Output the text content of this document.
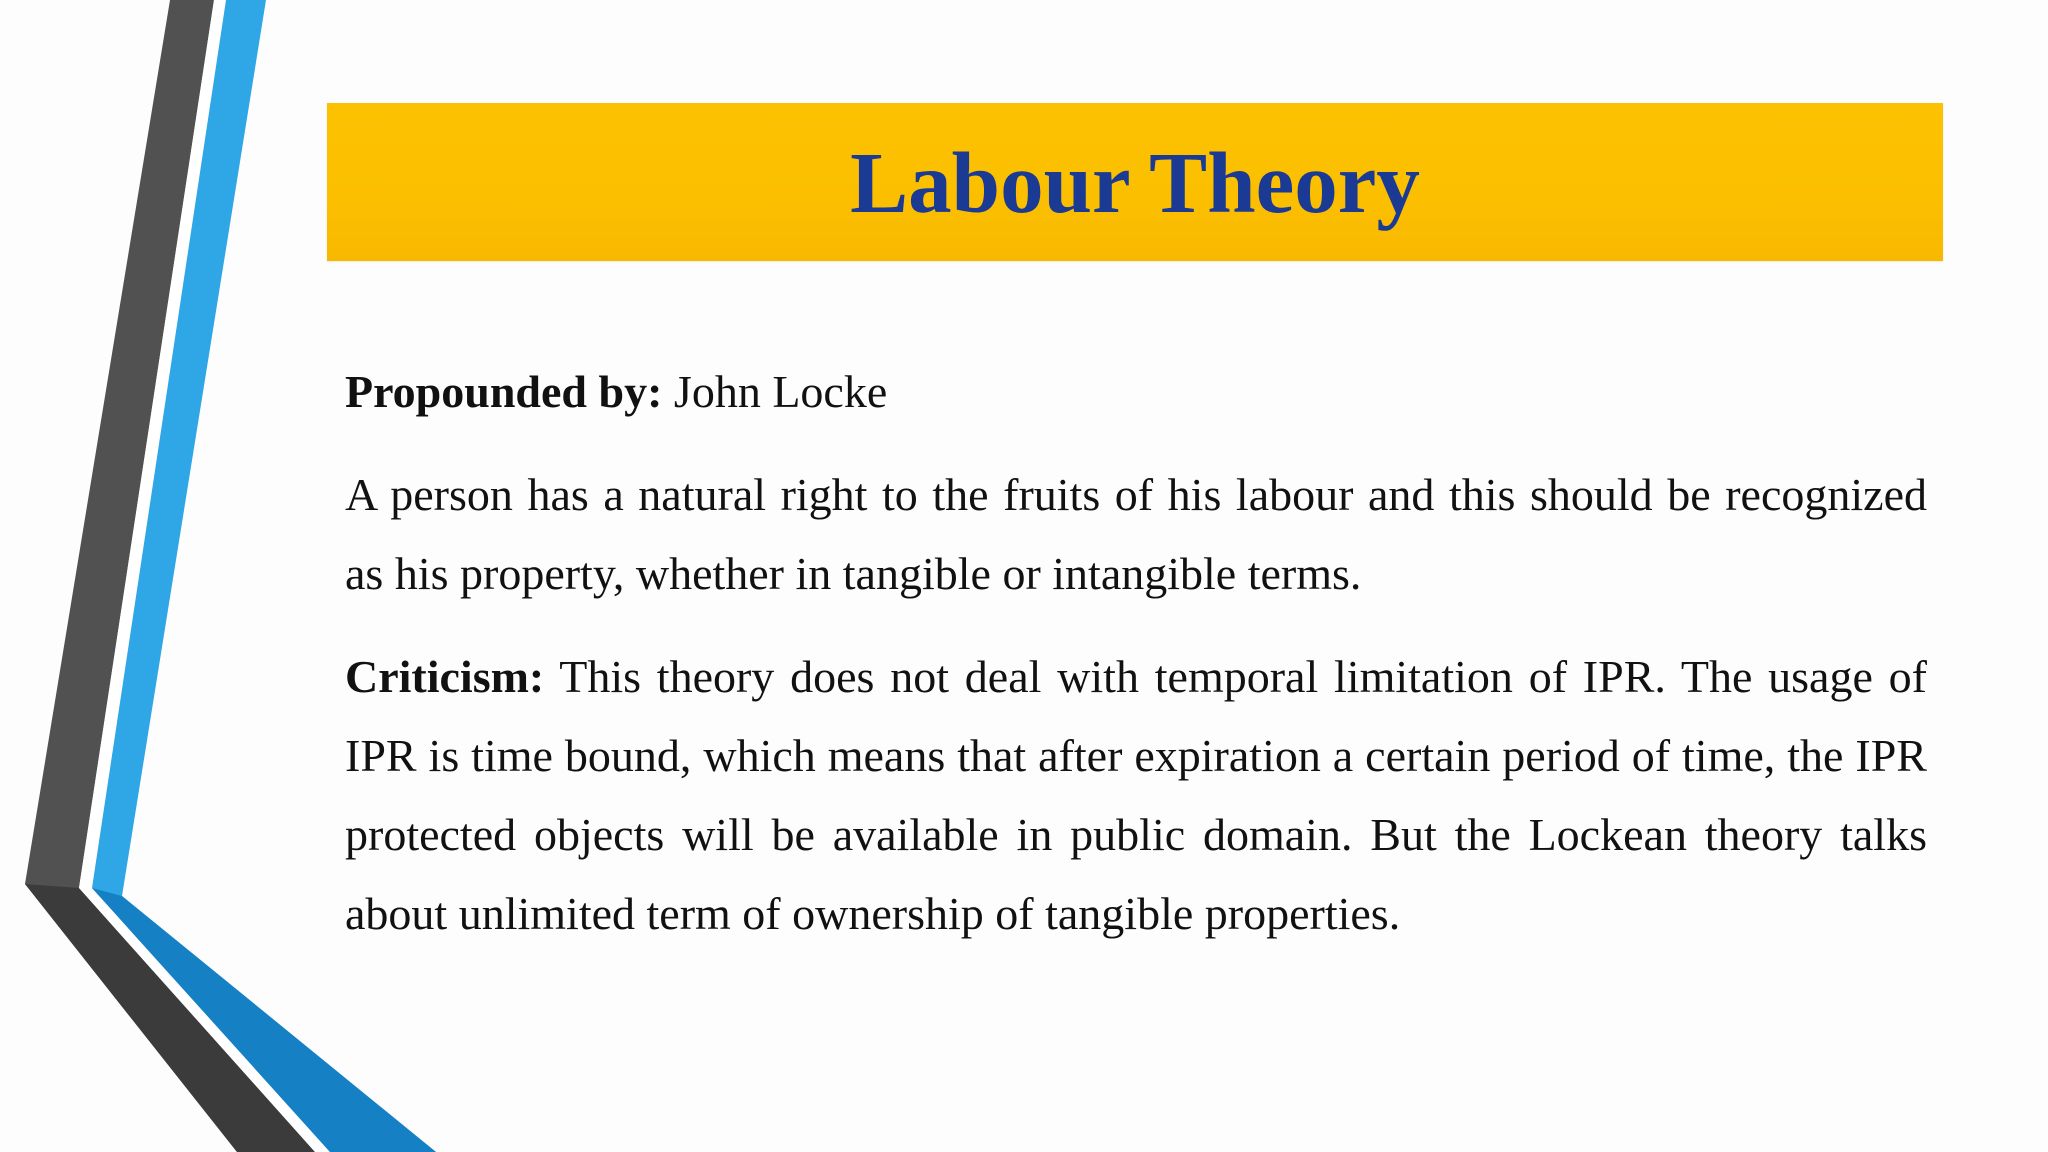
Labour Theory

Propounded by: John Locke

A person has a natural right to the fruits of his labour and this should be recognized as his property, whether in tangible or intangible terms.

Criticism: This theory does not deal with temporal limitation of IPR. The usage of IPR is time bound, which means that after expiration a certain period of time, the IPR protected objects will be available in public domain. But the Lockean theory talks about unlimited term of ownership of tangible properties.
